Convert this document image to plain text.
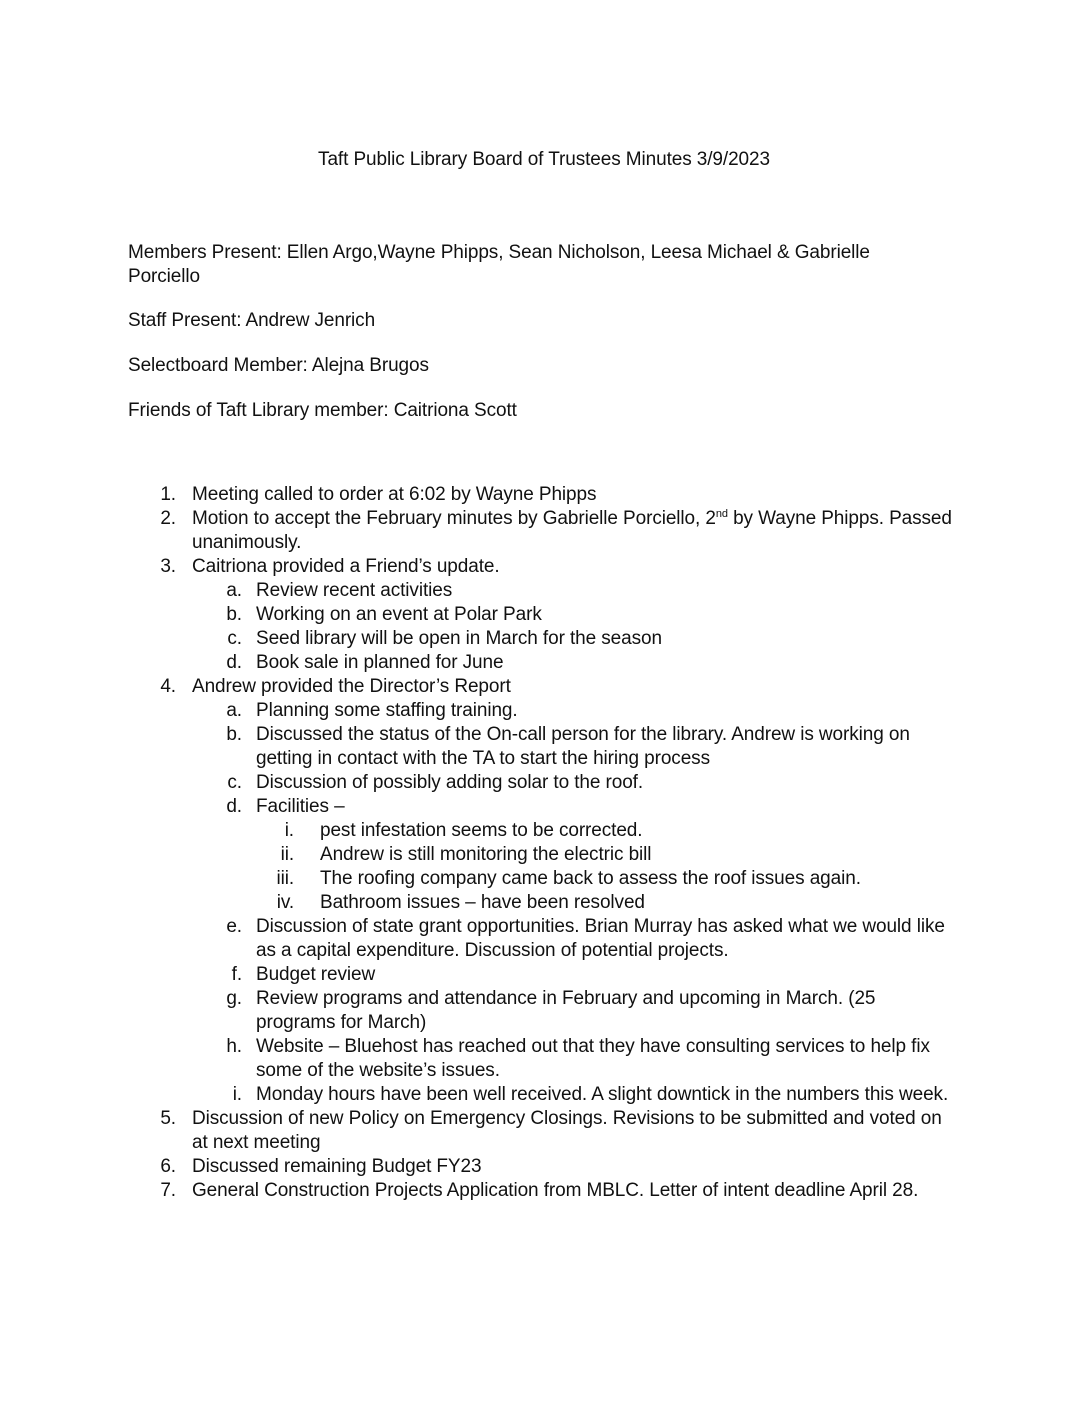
Taft Public Library Board of Trustees Minutes 3/9/2023
Members Present: Ellen Argo,Wayne Phipps, Sean Nicholson, Leesa Michael & Gabrielle Porciello
Staff Present: Andrew Jenrich
Selectboard Member: Alejna Brugos
Friends of Taft Library member: Caitriona Scott
1. Meeting called to order at 6:02 by Wayne Phipps
2. Motion to accept the February minutes by Gabrielle Porciello, 2nd by Wayne Phipps. Passed unanimously.
3. Caitriona provided a Friend’s update.
a. Review recent activities
b. Working on an event at Polar Park
c. Seed library will be open in March for the season
d. Book sale in planned for June
4. Andrew provided the Director’s Report
a. Planning some staffing training.
b. Discussed the status of the On-call person for the library. Andrew is working on getting in contact with the TA to start the hiring process
c. Discussion of possibly adding solar to the roof.
d. Facilities –
i. pest infestation seems to be corrected.
ii. Andrew is still monitoring the electric bill
iii. The roofing company came back to assess the roof issues again.
iv. Bathroom issues – have been resolved
e. Discussion of state grant opportunities. Brian Murray has asked what we would like as a capital expenditure. Discussion of potential projects.
f. Budget review
g. Review programs and attendance in February and upcoming in March. (25 programs for March)
h. Website – Bluehost has reached out that they have consulting services to help fix some of the website’s issues.
i. Monday hours have been well received. A slight downtick in the numbers this week.
5. Discussion of new Policy on Emergency Closings. Revisions to be submitted and voted on at next meeting
6. Discussed remaining Budget FY23
7. General Construction Projects Application from MBLC. Letter of intent deadline April 28.
